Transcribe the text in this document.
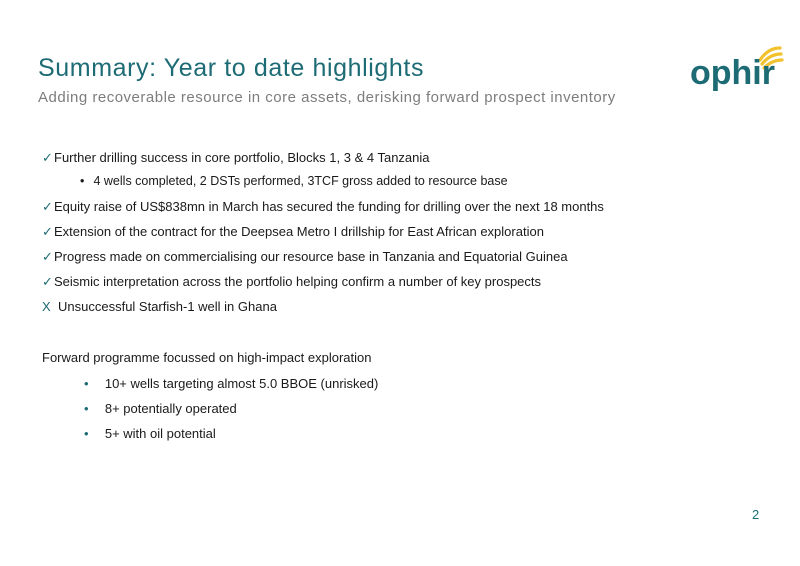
Summary: Year to date highlights
Adding recoverable resource in core assets, derisking forward prospect inventory
ophir
✓Further drilling success in core portfolio, Blocks 1, 3 & 4 Tanzania
• 4 wells completed, 2 DSTs performed, 3TCF gross added to resource base
✓Equity raise of US$838mn in March has secured the funding for drilling over the next 18 months
✓Extension of the contract for the Deepsea Metro I drillship for East African exploration
✓Progress made on commercialising our resource base in Tanzania and Equatorial Guinea
✓Seismic interpretation across the portfolio helping confirm a number of key prospects
X Unsuccessful Starfish-1 well in Ghana
Forward programme focussed on high-impact exploration
• 10+ wells targeting almost 5.0 BBOE (unrisked)
• 8+ potentially operated
• 5+ with oil potential
2
